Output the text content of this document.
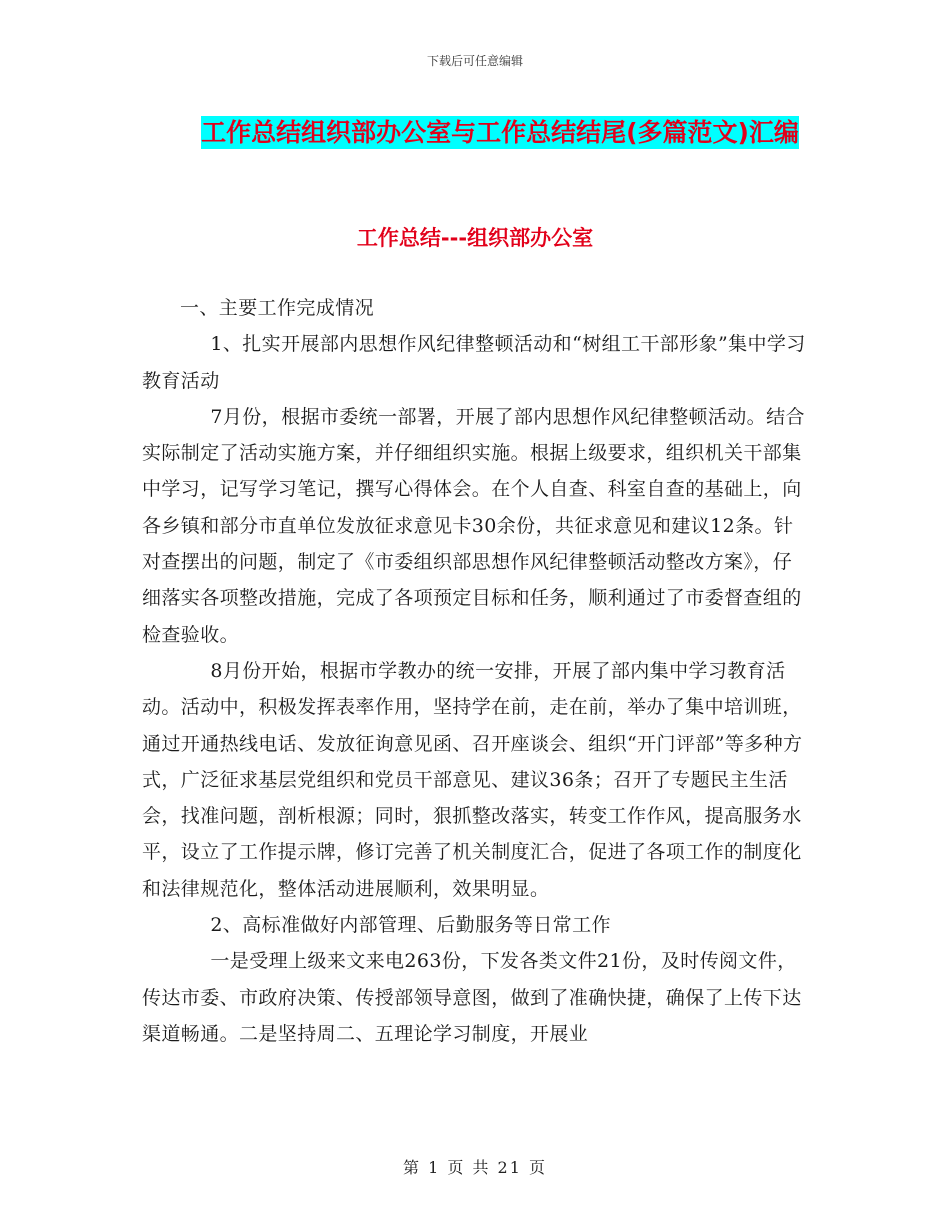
下载后可任意编辑
工作总结组织部办公室与工作总结结尾(多篇范文)汇编
工作总结---组织部办公室

一、主要工作完成情况

1、扎实开展部内思想作风纪律整顿活动和“树组工干部形象”集中学习教育活动

7月份，根据市委统一部署，开展了部内思想作风纪律整顿活动。结合实际制定了活动实施方案，并仔细组织实施。根据上级要求，组织机关干部集中学习，记写学习笔记，撰写心得体会。在个人自查、科室自查的基础上，向各乡镇和部分市直单位发放征求意见卡30余份，共征求意见和建议12条。针对查摆出的问题，制定了《市委组织部思想作风纪律整顿活动整改方案》，仔细落实各项整改措施，完成了各项预定目标和任务，顺利通过了市委督查组的检查验收。

8月份开始，根据市学教办的统一安排，开展了部内集中学习教育活动。活动中，积极发挥表率作用，坚持学在前，走在前，举办了集中培训班，通过开通热线电话、发放征询意见函、召开座谈会、组织“开门评部”等多种方式，广泛征求基层党组织和党员干部意见、建议36条；召开了专题民主生活会，找准问题，剖析根源；同时，狠抓整改落实，转变工作作风，提高服务水平，设立了工作提示牌，修订完善了机关制度汇合，促进了各项工作的制度化和法律规范化，整体活动进展顺利，效果明显。

2、高标准做好内部管理、后勤服务等日常工作

一是受理上级来文来电263份，下发各类文件21份，及时传阅文件，传达市委、市政府决策、传授部领导意图，做到了准确快捷，确保了上传下达渠道畅通。二是坚持周二、五理论学习制度，开展业

第 1 页 共 21 页
